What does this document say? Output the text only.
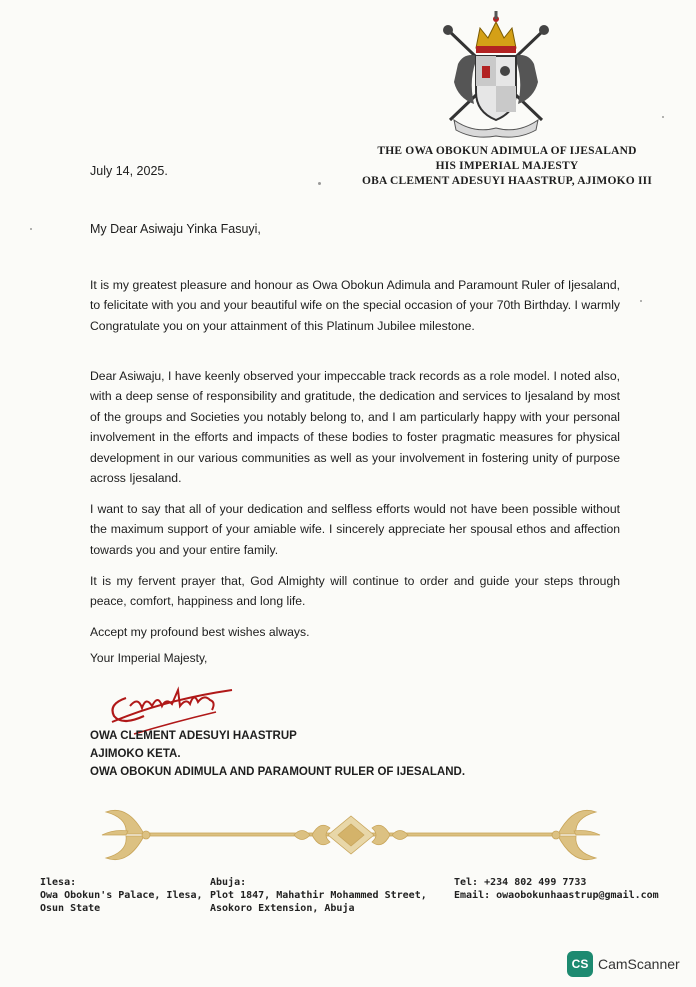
THE OWA OBOKUN ADIMULA OF IJESALAND
HIS IMPERIAL MAJESTY
OBA CLEMENT ADESUYI HAASTRUP, AJIMOKO III
July 14, 2025.
My Dear Asiwaju Yinka Fasuyi,
It is my greatest pleasure and honour as Owa Obokun Adimula and Paramount Ruler of Ijesaland, to felicitate with you and your beautiful wife on the special occasion of your 70th Birthday. I warmly Congratulate you on your attainment of this Platinum Jubilee milestone.
Dear Asiwaju, I have keenly observed your impeccable track records as a role model. I noted also, with a deep sense of responsibility and gratitude, the dedication and services to Ijesaland by most of the groups and Societies you notably belong to, and I am particularly happy with your personal involvement in the efforts and impacts of these bodies to foster pragmatic measures for physical development in our various communities as well as your involvement in fostering unity of purpose across Ijesaland.
I want to say that all of your dedication and selfless efforts would not have been possible without the maximum support of your amiable wife. I sincerely appreciate her spousal ethos and affection towards you and your entire family.
It is my fervent prayer that, God Almighty will continue to order and guide your steps through peace, comfort, happiness and long life.
Accept my profound best wishes always.
Your Imperial Majesty,
OWA CLEMENT ADESUYI HAASTRUP
AJIMOKO KETA.
OWA OBOKUN ADIMULA AND PARAMOUNT RULER OF IJESALAND.
Ilesa:
Owa Obokun's Palace, Ilesa,
Osun State
Abuja:
Plot 1847, Mahathir Mohammed Street,
Asokoro Extension, Abuja
Tel: +234 802 499 7733
Email: owaobokunhaastrup@gmail.com
CS CamScanner
